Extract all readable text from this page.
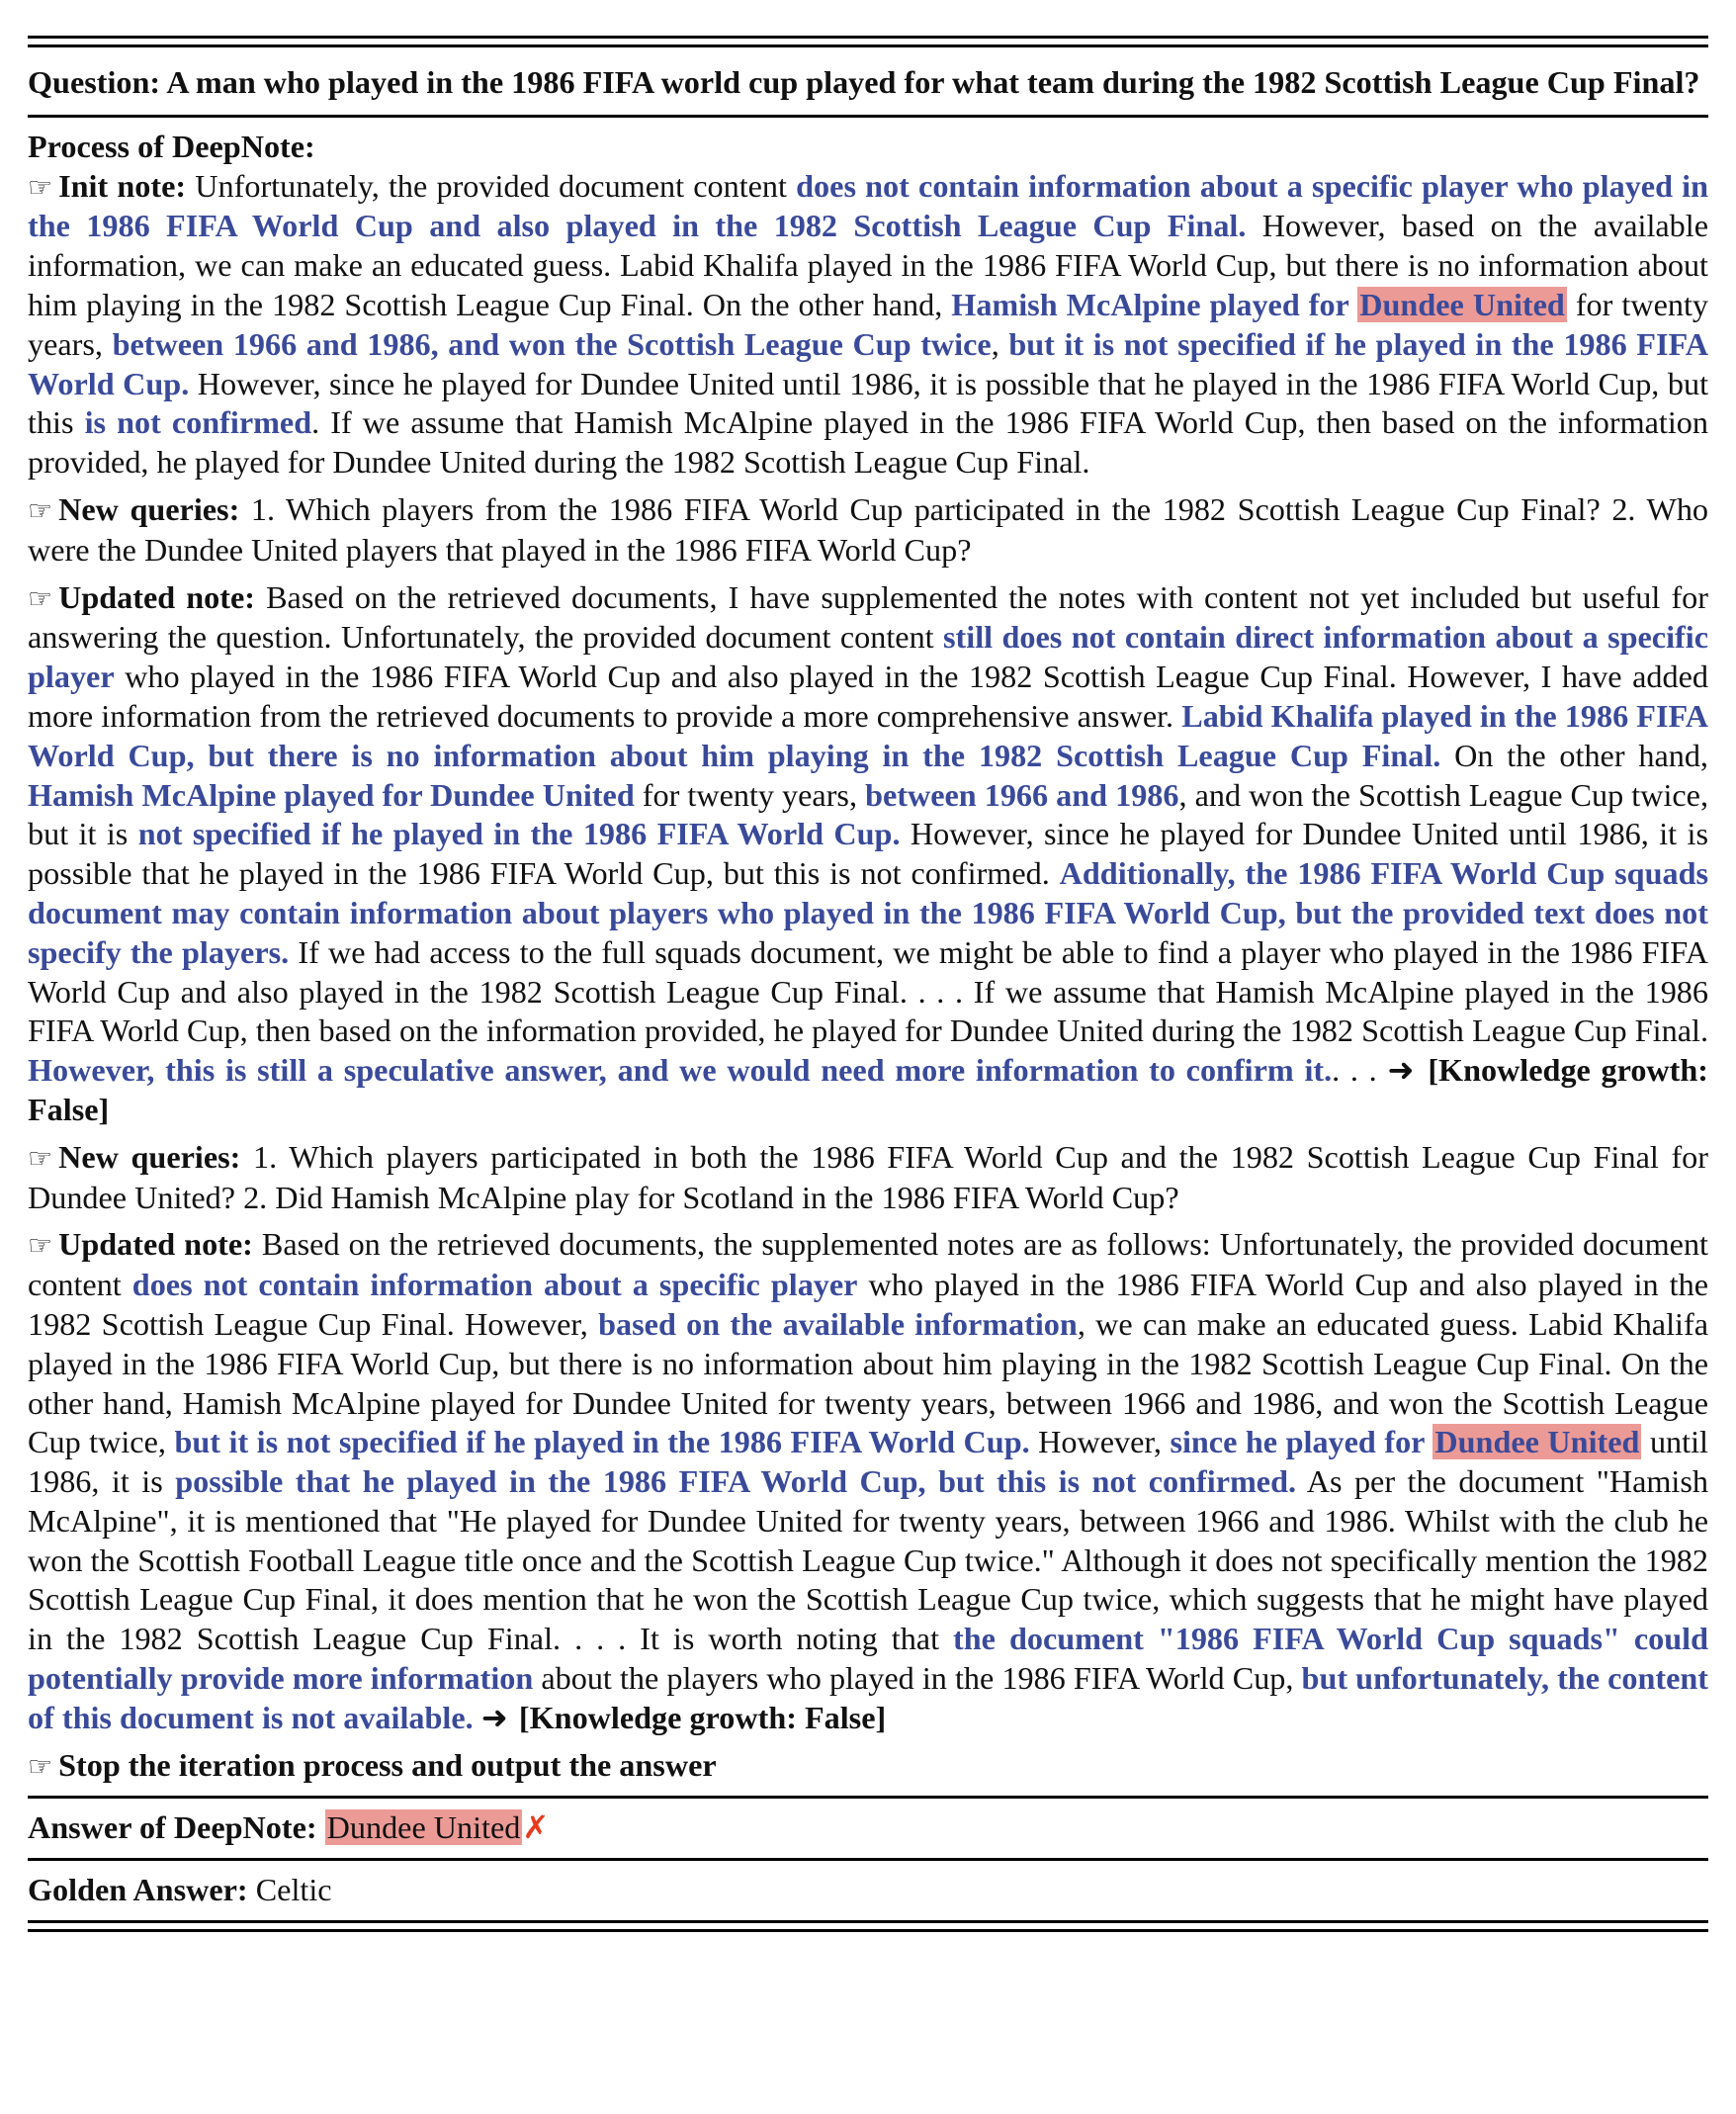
Question: A man who played in the 1986 FIFA world cup played for what team during the 1982 Scottish League Cup Final?

Process of DeepNote:

☞ Init note: Unfortunately, the provided document content does not contain information about a specific player who played in the 1986 FIFA World Cup and also played in the 1982 Scottish League Cup Final. However, based on the available information, we can make an educated guess. Labid Khalifa played in the 1986 FIFA World Cup, but there is no information about him playing in the 1982 Scottish League Cup Final. On the other hand, Hamish McAlpine played for Dundee United for twenty years, between 1966 and 1986, and won the Scottish League Cup twice, but it is not specified if he played in the 1986 FIFA World Cup. However, since he played for Dundee United until 1986, it is possible that he played in the 1986 FIFA World Cup, but this is not confirmed. If we assume that Hamish McAlpine played in the 1986 FIFA World Cup, then based on the information provided, he played for Dundee United during the 1982 Scottish League Cup Final.

☞ New queries: 1. Which players from the 1986 FIFA World Cup participated in the 1982 Scottish League Cup Final? 2. Who were the Dundee United players that played in the 1986 FIFA World Cup?

☞ Updated note: Based on the retrieved documents, I have supplemented the notes with content not yet included but useful for answering the question. Unfortunately, the provided document content still does not contain direct information about a specific player who played in the 1986 FIFA World Cup and also played in the 1982 Scottish League Cup Final. However, I have added more information from the retrieved documents to provide a more comprehensive answer. Labid Khalifa played in the 1986 FIFA World Cup, but there is no information about him playing in the 1982 Scottish League Cup Final. On the other hand, Hamish McAlpine played for Dundee United for twenty years, between 1966 and 1986, and won the Scottish League Cup twice, but it is not specified if he played in the 1986 FIFA World Cup. However, since he played for Dundee United until 1986, it is possible that he played in the 1986 FIFA World Cup, but this is not confirmed. Additionally, the 1986 FIFA World Cup squads document may contain information about players who played in the 1986 FIFA World Cup, but the provided text does not specify the players. If we had access to the full squads document, we might be able to find a player who played in the 1986 FIFA World Cup and also played in the 1982 Scottish League Cup Final. . . . If we assume that Hamish McAlpine played in the 1986 FIFA World Cup, then based on the information provided, he played for Dundee United during the 1982 Scottish League Cup Final. However, this is still a speculative answer, and we would need more information to confirm it.. . . ➜ [Knowledge growth: False]

☞ New queries: 1. Which players participated in both the 1986 FIFA World Cup and the 1982 Scottish League Cup Final for Dundee United? 2. Did Hamish McAlpine play for Scotland in the 1986 FIFA World Cup?

☞ Updated note: Based on the retrieved documents, the supplemented notes are as follows: Unfortunately, the provided document content does not contain information about a specific player who played in the 1986 FIFA World Cup and also played in the 1982 Scottish League Cup Final. However, based on the available information, we can make an educated guess. Labid Khalifa played in the 1986 FIFA World Cup, but there is no information about him playing in the 1982 Scottish League Cup Final. On the other hand, Hamish McAlpine played for Dundee United for twenty years, between 1966 and 1986, and won the Scottish League Cup twice, but it is not specified if he played in the 1986 FIFA World Cup. However, since he played for Dundee United until 1986, it is possible that he played in the 1986 FIFA World Cup, but this is not confirmed. As per the document "Hamish McAlpine", it is mentioned that "He played for Dundee United for twenty years, between 1966 and 1986. Whilst with the club he won the Scottish Football League title once and the Scottish League Cup twice." Although it does not specifically mention the 1982 Scottish League Cup Final, it does mention that he won the Scottish League Cup twice, which suggests that he might have played in the 1982 Scottish League Cup Final. . . . It is worth noting that the document "1986 FIFA World Cup squads" could potentially provide more information about the players who played in the 1986 FIFA World Cup, but unfortunately, the content of this document is not available. ➜ [Knowledge growth: False]

☞ Stop the iteration process and output the answer

Answer of DeepNote: Dundee United✗

Golden Answer: Celtic
